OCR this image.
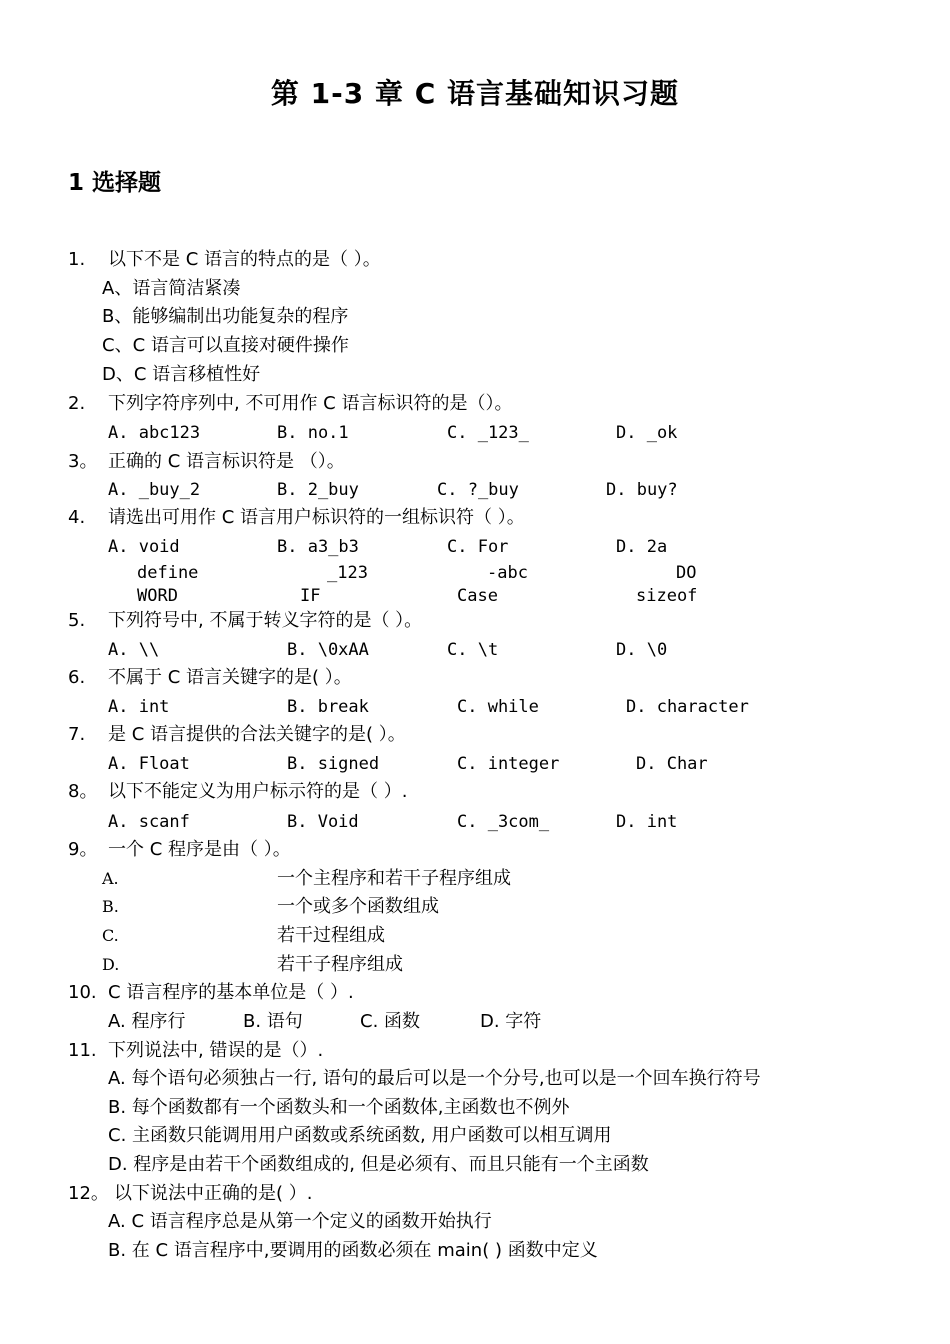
第 1-3 章 C 语言基础知识习题
1 选择题
1. 以下不是 C 语言的特点的是（ ）。
A、语言简洁紧凑
B、能够编制出功能复杂的程序
C、C 语言可以直接对硬件操作
D、C 语言移植性好
2. 下列字符序列中, 不可用作 C 语言标识符的是（）。
A. abc123	B. no.1	C. _123_	D. _ok
3。 正确的 C 语言标识符是 （）。
A. _buy_2	B. 2_buy	C. ?_buy	D. buy?
4. 请选出可用作 C 语言用户标识符的一组标识符（ ）。
A. void	B. a3_b3	C. For	D. 2a
define	_123	-abc	DO
WORD	IF	Case	sizeof
5. 下列符号中, 不属于转义字符的是（ ）。
A. \\	B. \0xAA	C. \t	D. \0
6. 不属于 C 语言关键字的是( ）。
A. int	B. break	C. while	D. character
7. 是 C 语言提供的合法关键字的是( ）。
A. Float	B. signed	C. integer	D. Char
8。 以下不能定义为用户标示符的是（ ）.
A. scanf	B. Void	C. _3com_	D. int
9。 一个 C 程序是由（ ）。
A.	一个主程序和若干子程序组成
B.	一个或多个函数组成
C.	若干过程组成
D.	若干子程序组成
10. C 语言程序的基本单位是（ ）.
A. 程序行	B. 语句	C. 函数	D. 字符
11. 下列说法中, 错误的是（）.
A. 每个语句必须独占一行, 语句的最后可以是一个分号,也可以是一个回车换行符号
B. 每个函数都有一个函数头和一个函数体,主函数也不例外
C. 主函数只能调用用户函数或系统函数, 用户函数可以相互调用
D. 程序是由若干个函数组成的, 但是必须有、而且只能有一个主函数
12。 以下说法中正确的是( ）.
A. C 语言程序总是从第一个定义的函数开始执行
B. 在 C 语言程序中,要调用的函数必须在 main( ) 函数中定义
